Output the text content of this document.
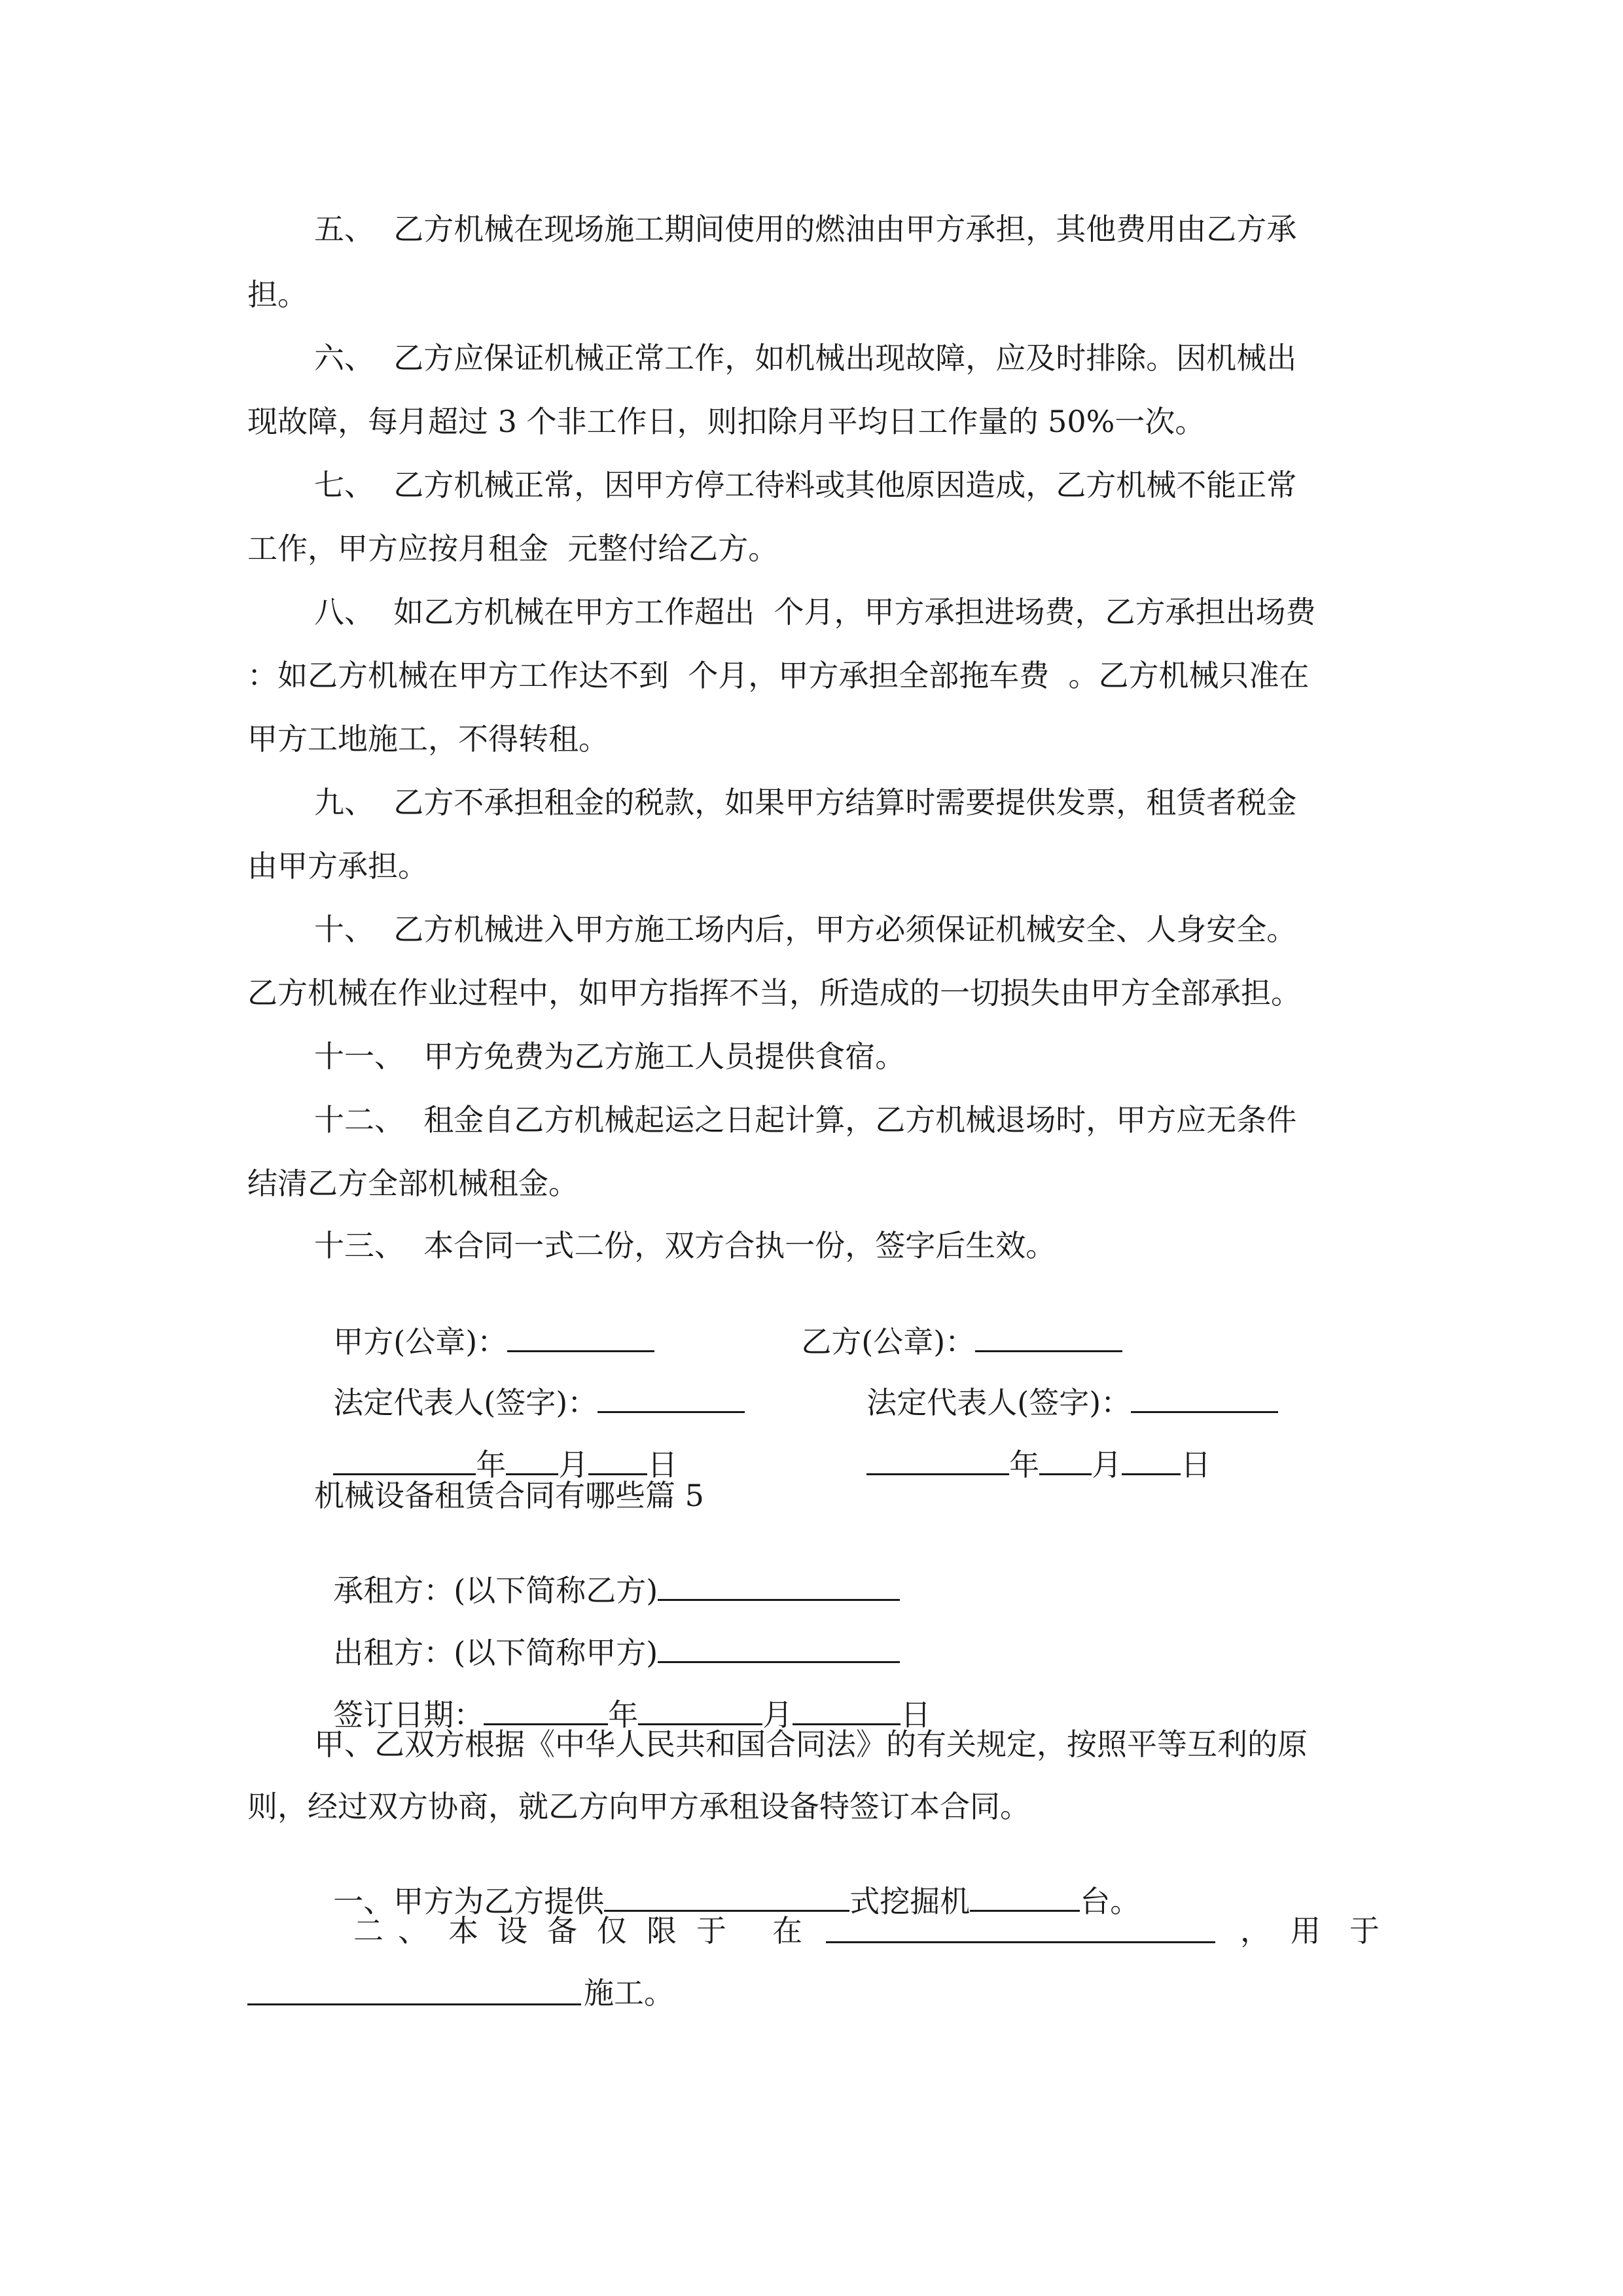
五、  乙方机械在现场施工期间使用的燃油由甲方承担，其他费用由乙方承
担。
六、  乙方应保证机械正常工作，如机械出现故障，应及时排除。因机械出
现故障，每月超过 3 个非工作日，则扣除月平均日工作量的 50%一次。
七、  乙方机械正常，因甲方停工待料或其他原因造成，乙方机械不能正常
工作，甲方应按月租金  元整付给乙方。
八、  如乙方机械在甲方工作超出  个月，甲方承担进场费，乙方承担出场费
：如乙方机械在甲方工作达不到  个月，甲方承担全部拖车费  。乙方机械只准在
甲方工地施工，不得转租。
九、  乙方不承担租金的税款，如果甲方结算时需要提供发票，租赁者税金
由甲方承担。
十、  乙方机械进入甲方施工场内后，甲方必须保证机械安全、人身安全。
乙方机械在作业过程中，如甲方指挥不当，所造成的一切损失由甲方全部承担。
十一、  甲方免费为乙方施工人员提供食宿。
十二、  租金自乙方机械起运之日起计算，乙方机械退场时，甲方应无条件
结清乙方全部机械租金。
十三、  本合同一式二份，双方合执一份，签字后生效。

甲方(公章)：	乙方(公章)：

法定代表人(签字)：	法定代表人(签字)：

年 月 日	年 月 日

机械设备租赁合同有哪些篇 5

承租方：(以下简称乙方)

出租方：(以下简称甲方)

签订日期：	年	月	日

甲、乙双方根据《中华人民共和国合同法》的有关规定，按照平等互利的原
则，经过双方协商，就乙方向甲方承租设备特签订本合同。

一、甲方为乙方提供	式挖掘机	台。

二 、 本 设 备 仅 限 于 在	， 用 于
施工。
